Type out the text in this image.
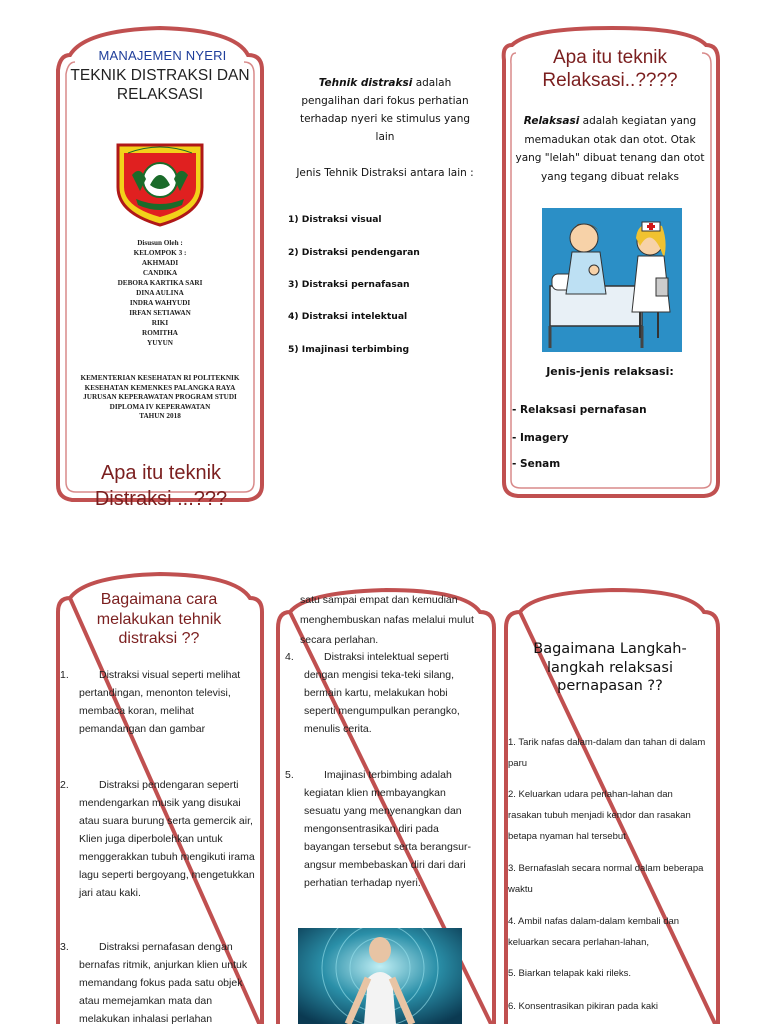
MANAJEMEN NYERI
TEKNIK DISTRAKSI DAN RELAKSASI
Disusun Oleh :
KELOMPOK 3 :
AKHMADI
CANDIKA
DEBORA KARTIKA SARI
DINA AULINA
INDRA WAHYUDI
IRFAN SETIAWAN
RIKI
ROMITHA
YUYUN
KEMENTERIAN KESEHATAN RI POLITEKNIK
KESEHATAN KEMENKES PALANGKA RAYA
JURUSAN KEPERAWATAN PROGRAM STUDI
DIPLOMA IV KEPERAWATAN
TAHUN 2018
Apa itu teknik Distraksi ...???
Tehnik distraksi adalah pengalihan dari fokus perhatian terhadap nyeri ke stimulus yang lain
Jenis Tehnik Distraksi antara lain :
1) Distraksi visual
2) Distraksi pendengaran
3) Distraksi pernafasan
4) Distraksi intelektual
5) Imajinasi terbimbing
Apa itu teknik Relaksasi..????
Relaksasi adalah kegiatan yang memadukan otak dan otot. Otak yang "lelah" dibuat tenang dan otot yang tegang dibuat relaks
Jenis-jenis relaksasi:
- Relaksasi pernafasan
- Imagery
- Senam
Bagaimana cara melakukan tehnik distraksi ??
1.	Distraksi visual seperti melihat pertandingan, menonton televisi, membaca koran, melihat pemandangan dan gambar
2.	Distraksi pendengaran seperti mendengarkan musik yang disukai atau suara burung serta gemercik air, Klien juga diperbolehkan untuk menggerakkan tubuh mengikuti irama lagu seperti bergoyang, mengetukkan jari atau kaki.
3.	Distraksi pernafasan dengan bernafas ritmik, anjurkan klien untuk memandang fokus pada satu objek atau memejamkan mata dan melakukan inhalasi perlahan
satu sampai empat dan kemudian menghembuskan nafas melalui mulut secara perlahan.
4.	Distraksi intelektual seperti dengan mengisi teka-teki silang, bermain kartu, melakukan hobi seperti mengumpulkan perangko, menulis cerita.
5.	Imajinasi terbimbing adalah kegiatan klien membayangkan sesuatu yang menyenangkan dan mengonsentrasikan diri pada bayangan tersebut serta berangsur-angsur membebaskan diri dari dari perhatian terhadap nyeri.
Bagaimana Langkah-langkah relaksasi pernapasan ??
1. Tarik nafas dalam-dalam dan tahan di dalam paru
2. Keluarkan udara perlahan-lahan dan rasakan tubuh menjadi kendor dan rasakan betapa nyaman hal tersebut
3. Bernafaslah secara normal dalam beberapa waktu
4. Ambil nafas dalam-dalam kembali dan keluarkan secara perlahan-lahan,
5. Biarkan telapak kaki rileks.
6. Konsentrasikan pikiran pada kaki
